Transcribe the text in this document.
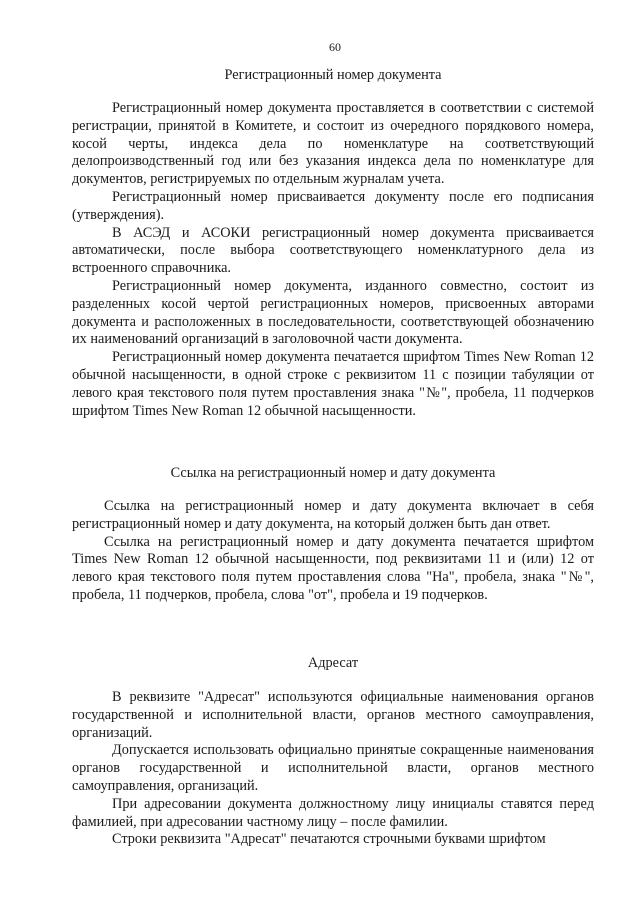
60
Регистрационный номер документа

Регистрационный номер документа проставляется в соответствии с системой регистрации, принятой в Комитете, и состоит из очередного порядкового номера, косой черты, индекса дела по номенклатуре на соответствующий делопроизводственный год или без указания индекса дела по номенклатуре для документов, регистрируемых по отдельным журналам учета.

Регистрационный номер присваивается документу после его подписания (утверждения).

В АСЭД и АСОКИ регистрационный номер документа присваивается автоматически, после выбора соответствующего номенклатурного дела из встроенного справочника.

Регистрационный номер документа, изданного совместно, состоит из разделенных косой чертой регистрационных номеров, присвоенных авторами документа и расположенных в последовательности, соответствующей обозначению их наименований организаций в заголовочной части документа.

Регистрационный номер документа печатается шрифтом Times New Roman 12 обычной насыщенности, в одной строке с реквизитом 11 с позиции табуляции от левого края текстового поля путем проставления знака "№", пробела, 11 подчерков шрифтом Times New Roman 12 обычной насыщенности.

Ссылка на регистрационный номер и дату документа

Ссылка на регистрационный номер и дату документа включает в себя регистрационный номер и дату документа, на который должен быть дан ответ.

Ссылка на регистрационный номер и дату документа печатается шрифтом Times New Roman 12 обычной насыщенности, под реквизитами 11 и (или) 12 от левого края текстового поля путем проставления слова "На", пробела, знака "№", пробела, 11 подчерков, пробела, слова "от", пробела и 19 подчерков.

Адресат

В реквизите "Адресат" используются официальные наименования органов государственной и исполнительной власти, органов местного самоуправления, организаций.

Допускается использовать официально принятые сокращенные наименования органов государственной и исполнительной власти, органов местного самоуправления, организаций.

При адресовании документа должностному лицу инициалы ставятся перед фамилией, при адресовании частному лицу – после фамилии.

Строки реквизита "Адресат" печатаются строчными буквами шрифтом
